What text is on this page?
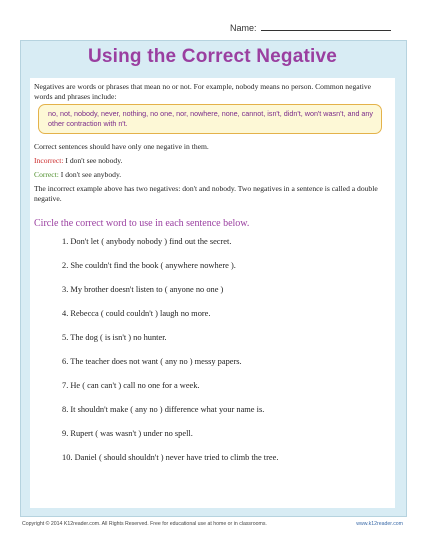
Name:
Using the Correct Negative
Negatives are words or phrases that mean no or not. For example, nobody means no person. Common negative words and phrases include:
no, not, nobody, never, nothing, no one, nor, nowhere, none, cannot, isn't, didn't, won't wasn't, and any other contraction with n't.
Correct sentences should have only one negative in them.
Incorrect: I don't see nobody.
Correct: I don't see anybody.
The incorrect example above has two negatives: don't and nobody. Two negatives in a sentence is called a double negative.
Circle the correct word to use in each sentence below.
1. Don't let ( anybody nobody ) find out the secret.
2. She couldn't find the book ( anywhere nowhere ).
3. My brother doesn't listen to ( anyone no one )
4. Rebecca ( could couldn't ) laugh no more.
5. The dog ( is isn't ) no hunter.
6. The teacher does not want ( any no ) messy papers.
7. He ( can can't ) call no one for a week.
8. It shouldn't make ( any no ) difference what your name is.
9. Rupert ( was wasn't ) under no spell.
10. Daniel ( should shouldn't ) never have tried to climb the tree.
Copyright © 2014 K12reader.com. All Rights Reserved. Free for educational use at home or in classrooms.	www.k12reader.com
